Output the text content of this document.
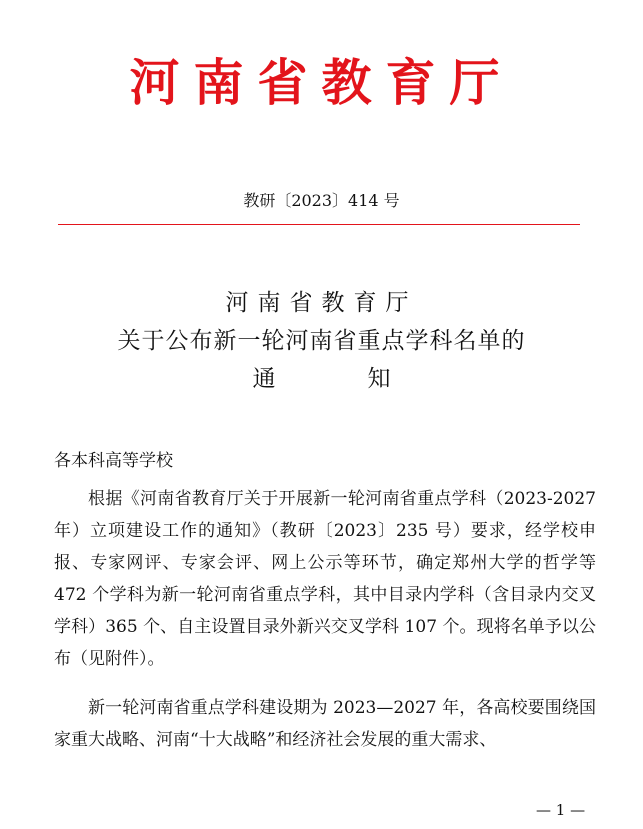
河南省教育厅
教研〔2023〕414 号
河南省教育厅
关于公布新一轮河南省重点学科名单的
通	知
各本科高等学校
根据《河南省教育厅关于开展新一轮河南省重点学科（2023-2027 年）立项建设工作的通知》（教研〔2023〕235 号）要求，经学校申报、专家网评、专家会评、网上公示等环节，确定郑州大学的哲学等 472 个学科为新一轮河南省重点学科，其中目录内学科（含目录内交叉学科）365 个、自主设置目录外新兴交叉学科 107 个。现将名单予以公布（见附件）。
新一轮河南省重点学科建设期为 2023—2027 年，各高校要围绕国家重大战略、河南“十大战略”和经济社会发展的重大需求、
— 1 —
